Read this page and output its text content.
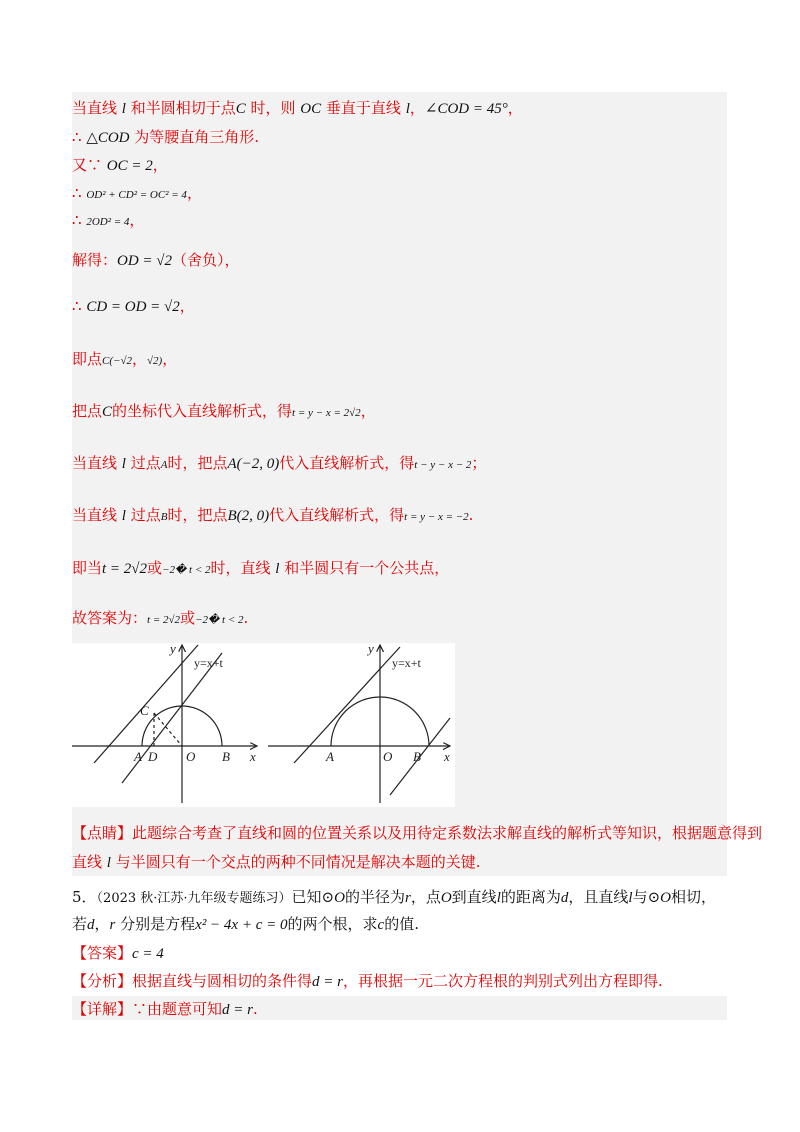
当直线 l 和半圆相切于点C 时，则 OC 垂直于直线 l，∠COD = 45°，
∴ △COD 为等腰直角三角形.
又∵ OC = 2，
∴ OD² + CD² = OC² = 4，
∴ 2OD² = 4，
解得：OD = √2（舍负），
∴ CD = OD = √2，
即点C(−√2，√2)，
把点C的坐标代入直线解析式，得t = y − x = 2√2，
当直线 l 过点A时，把点A(−2, 0)代入直线解析式，得t − y − x − 2；
当直线 l 过点B时，把点B(2, 0)代入直线解析式，得t = y − x = −2.
即当t = 2√2或−2� t < 2时，直线 l 和半圆只有一个公共点，
故答案为：t = 2√2或−2� t < 2.
y
y=x+t
C
A D O B x
y
y=x+t
A	O B x
【点睛】此题综合考查了直线和圆的位置关系以及用待定系数法求解直线的解析式等知识，根据题意得到
直线 l 与半圆只有一个交点的两种不同情况是解决本题的关键.
5．（2023 秋·江苏·九年级专题练习）已知⊙O的半径为r，点O到直线l的距离为d，且直线l与⊙O相切，
若d，r 分别是方程x² − 4x + c = 0的两个根，求c的值.
【答案】c = 4
【分析】根据直线与圆相切的条件得d = r，再根据一元二次方程根的判别式列出方程即得.
【详解】∵由题意可知d = r.
